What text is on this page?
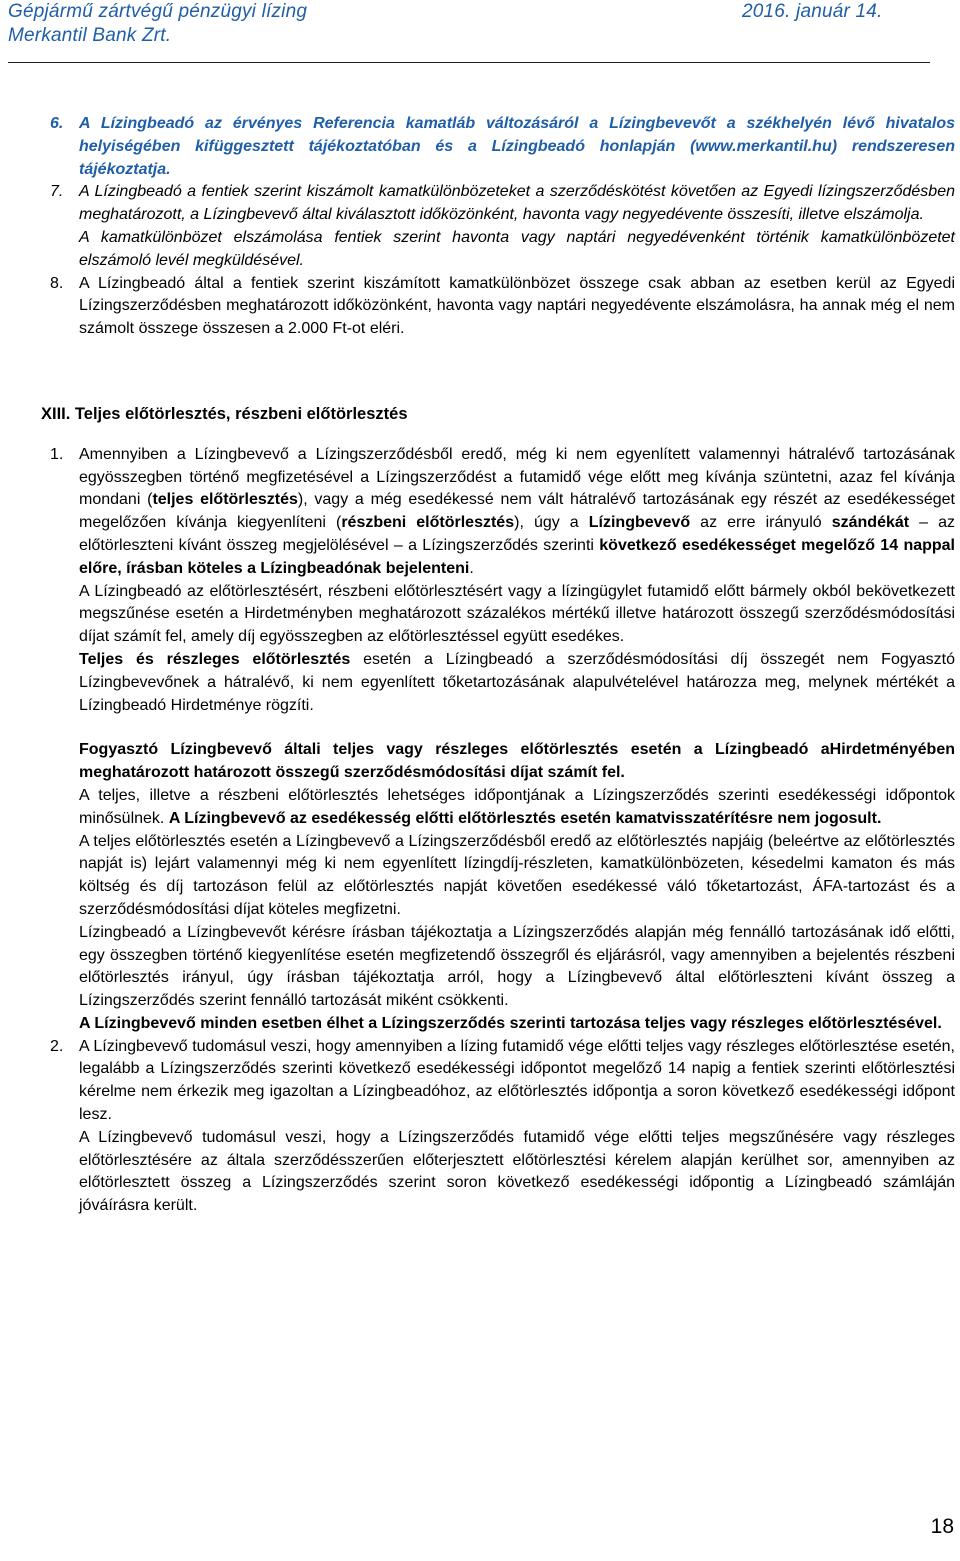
Gépjármű zártvégű pénzügyi lízing
Merkantil Bank Zrt.
2016. január 14.

6. A Lízingbeadó az érvényes Referencia kamatláb változásáról a Lízingbevevőt a székhelyén lévő hivatalos helyiségében kifüggesztett tájékoztatóban és a Lízingbeadó honlapján (www.merkantil.hu) rendszeresen tájékoztatja.

7. A Lízingbeadó a fentiek szerint kiszámolt kamatkülönbözeteket a szerződéskötést követően az Egyedi lízingszerződésben meghatározott, a Lízingbevevő által kiválasztott időközönként, havonta vagy negyedévente összesíti, illetve elszámolja.

A kamatkülönbözet elszámolása fentiek szerint havonta vagy naptári negyedévenként történik kamatkülönbözetet elszámoló levél megküldésével.

8. A Lízingbeadó által a fentiek szerint kiszámított kamatkülönbözet összege csak abban az esetben kerül az Egyedi Lízingszerződésben meghatározott időközönként, havonta vagy naptári negyedévente elszámolásra, ha annak még el nem számolt összege összesen a 2.000 Ft-ot eléri.

XIII. Teljes előtörlesztés, részbeni előtörlesztés

1. Amennyiben a Lízingbevevő a Lízingszerződésből eredő, még ki nem egyenlített valamennyi hátralévő tartozásának egyösszegben történő megfizetésével a Lízingszerződést a futamidő vége előtt meg kívánja szüntetni, azaz fel kívánja mondani (teljes előtörlesztés), vagy a még esedékessé nem vált hátralévő tartozásának egy részét az esedékességet megelőzően kívánja kiegyenlíteni (részbeni előtörlesztés), úgy a Lízingbevevő az erre irányuló szándékát – az előtörleszteni kívánt összeg megjelölésével – a Lízingszerződés szerinti következő esedékességet megelőző 14 nappal előre, írásban köteles a Lízingbeadónak bejelenteni.

A Lízingbeadó az előtörlesztésért, részbeni előtörlesztésért vagy a lízingügylet futamidő előtt bármely okból bekövetkezett megszűnése esetén a Hirdetményben meghatározott százalékos mértékű illetve határozott összegű szerződésmódosítási díjat számít fel, amely díj egyösszegben az előtörlesztéssel együtt esedékes.

Teljes és részleges előtörlesztés esetén a Lízingbeadó a szerződésmódosítási díj összegét nem Fogyasztó Lízingbevevőnek a hátralévő, ki nem egyenlített tőketartozásának alapulvételével határozza meg, melynek mértékét a Lízingbeadó Hirdetménye rögzíti.

Fogyasztó Lízingbevevő általi teljes vagy részleges előtörlesztés esetén a Lízingbeadó aHirdetményében meghatározott határozott összegű szerződésmódosítási díjat számít fel.

A teljes, illetve a részbeni előtörlesztés lehetséges időpontjának a Lízingszerződés szerinti esedékességi időpontok minősülnek. A Lízingbevevő az esedékesség előtti előtörlesztés esetén kamatvisszatérítésre nem jogosult.

A teljes előtörlesztés esetén a Lízingbevevő a Lízingszerződésből eredő az előtörlesztés napjáig (beleértve az előtörlesztés napját is) lejárt valamennyi még ki nem egyenlített lízingdíj-részleten, kamatkülönbözeten, késedelmi kamaton és más költség és díj tartozáson felül az előtörlesztés napját követően esedékessé váló tőketartozást, ÁFA-tartozást és a szerződésmódosítási díjat köteles megfizetni.

Lízingbeadó a Lízingbevevőt kérésre írásban tájékoztatja a Lízingszerződés alapján még fennálló tartozásának idő előtti, egy összegben történő kiegyenlítése esetén megfizetendő összegről és eljárásról, vagy amennyiben a bejelentés részbeni előtörlesztés irányul, úgy írásban tájékoztatja arról, hogy a Lízingbevevő által előtörleszteni kívánt összeg a Lízingszerződés szerint fennálló tartozását miként csökkenti.

A Lízingbevevő minden esetben élhet a Lízingszerződés szerinti tartozása teljes vagy részleges előtörlesztésével.

2. A Lízingbevevő tudomásul veszi, hogy amennyiben a lízing futamidő vége előtti teljes vagy részleges előtörlesztése esetén, legalább a Lízingszerződés szerinti következő esedékességi időpontot megelőző 14 napig a fentiek szerinti előtörlesztési kérelme nem érkezik meg igazoltan a Lízingbeadóhoz, az előtörlesztés időpontja a soron következő esedékességi időpont lesz.

A Lízingbevevő tudomásul veszi, hogy a Lízingszerződés futamidő vége előtti teljes megszűnésére vagy részleges előtörlesztésére az általa szerződésszerűen előterjesztett előtörlesztési kérelem alapján kerülhet sor, amennyiben az előtörlesztett összeg a Lízingszerződés szerint soron következő esedékességi időpontig a Lízingbeadó számláján jóváírásra került.

18
